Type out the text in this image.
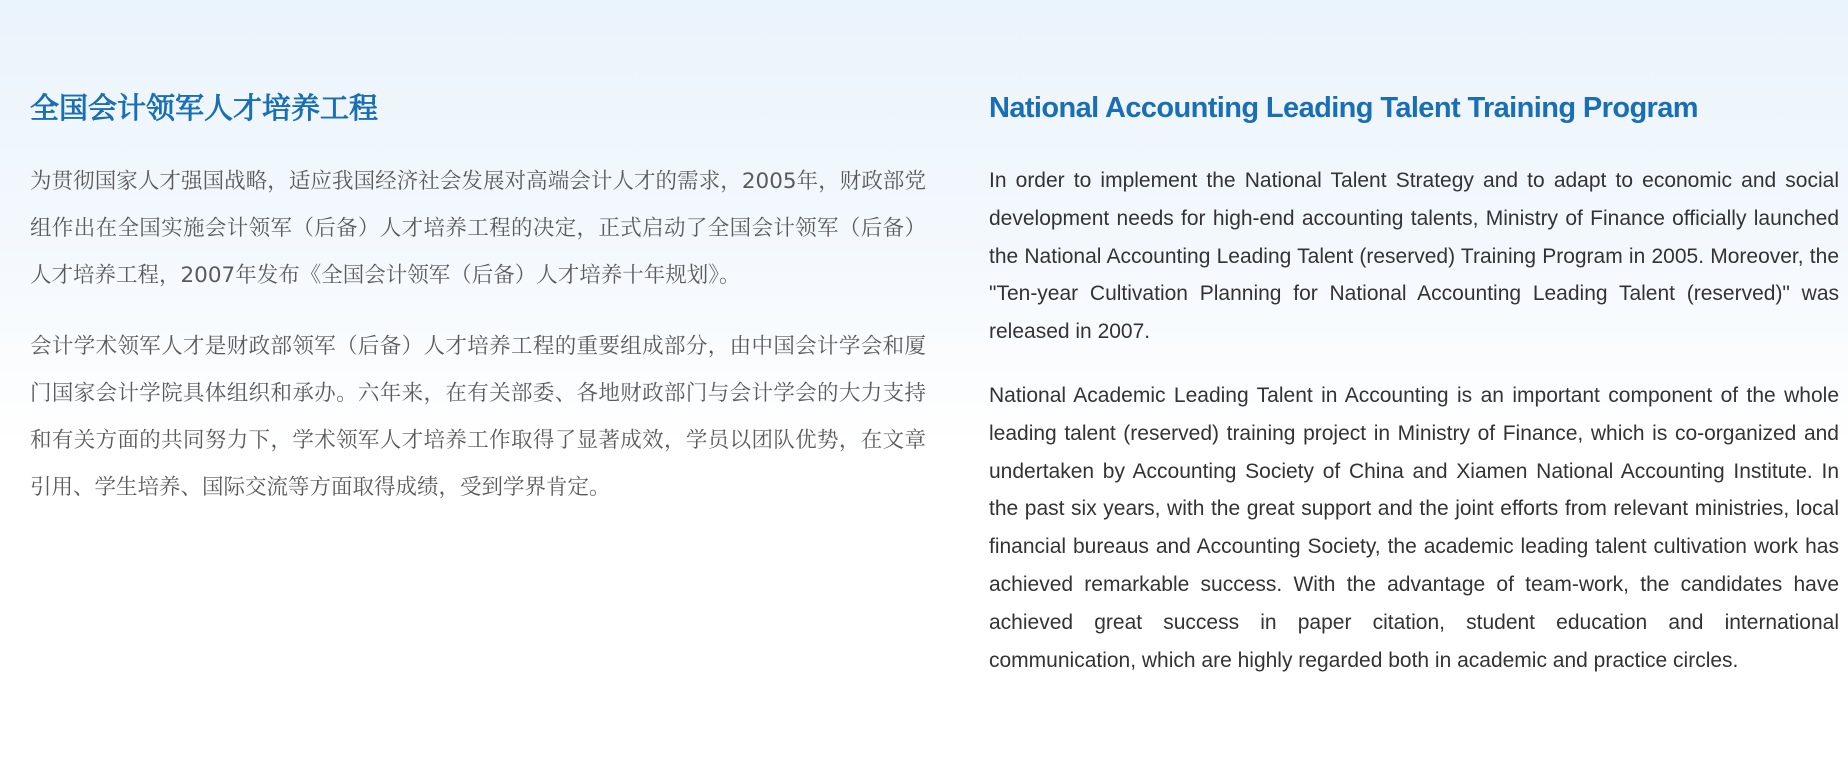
全国会计领军人才培养工程

为贯彻国家人才强国战略，适应我国经济社会发展对高端会计人才的需求，2005年，财政部党组作出在全国实施会计领军（后备）人才培养工程的决定，正式启动了全国会计领军（后备）人才培养工程，2007年发布《全国会计领军（后备）人才培养十年规划》。

会计学术领军人才是财政部领军（后备）人才培养工程的重要组成部分，由中国会计学会和厦门国家会计学院具体组织和承办。六年来，在有关部委、各地财政部门与会计学会的大力支持和有关方面的共同努力下，学术领军人才培养工作取得了显著成效，学员以团队优势，在文章引用、学生培养、国际交流等方面取得成绩，受到学界肯定。

National Accounting Leading Talent Training Program

In order to implement the National Talent Strategy and to adapt to economic and social development needs for high-end accounting talents, Ministry of Finance officially launched the National Accounting Leading Talent (reserved) Training Program in 2005. Moreover, the "Ten-year Cultivation Planning for National Accounting Leading Talent (reserved)" was released in 2007.

National Academic Leading Talent in Accounting is an important component of the whole leading talent (reserved) training project in Ministry of Finance, which is co-organized and undertaken by Accounting Society of China and Xiamen National Accounting Institute. In the past six years, with the great support and the joint efforts from relevant ministries, local financial bureaus and Accounting Society, the academic leading talent cultivation work has achieved remarkable success. With the advantage of team-work, the candidates have achieved great success in paper citation, student education and international communication, which are highly regarded both in academic and practice circles.
